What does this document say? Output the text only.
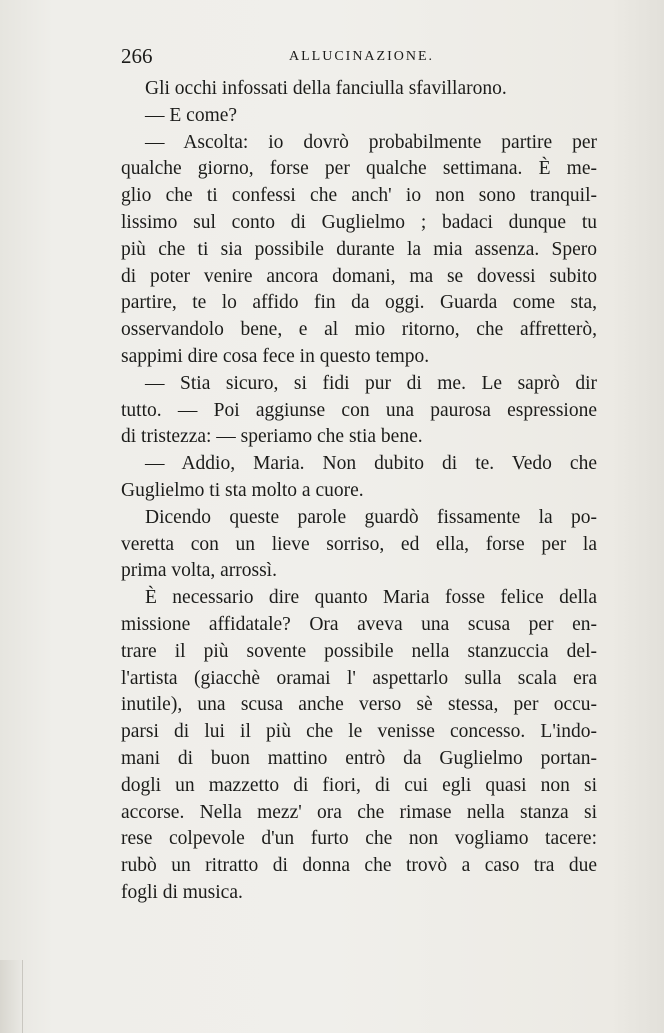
266	ALLUCINAZIONE.
Gli occhi infossati della fanciulla sfavillarono.
— E come?
— Ascolta: io dovrò probabilmente partire per
qualche giorno, forse per qualche settimana. È me-
glio che ti confessi che anch' io non sono tranquil-
lissimo sul conto di Guglielmo ; badaci dunque tu
più che ti sia possibile durante la mia assenza. Spero
di poter venire ancora domani, ma se dovessi subito
partire, te lo affido fin da oggi. Guarda come sta,
osservandolo bene, e al mio ritorno, che affretterò,
sappimi dire cosa fece in questo tempo.
— Stia sicuro, si fidi pur di me. Le saprò dir
tutto. — Poi aggiunse con una paurosa espressione
di tristezza: — speriamo che stia bene.
— Addio, Maria. Non dubito di te. Vedo che
Guglielmo ti sta molto a cuore.
Dicendo queste parole guardò fissamente la po-
veretta con un lieve sorriso, ed ella, forse per la
prima volta, arrossì.
È necessario dire quanto Maria fosse felice della
missione affidatale? Ora aveva una scusa per en-
trare il più sovente possibile nella stanzuccia del-
l'artista (giacchè oramai l' aspettarlo sulla scala era
inutile), una scusa anche verso sè stessa, per occu-
parsi di lui il più che le venisse concesso. L'indo-
mani di buon mattino entrò da Guglielmo portan-
dogli un mazzetto di fiori, di cui egli quasi non si
accorse. Nella mezz' ora che rimase nella stanza si
rese colpevole d'un furto che non vogliamo tacere:
rubò un ritratto di donna che trovò a caso tra due
fogli di musica.
